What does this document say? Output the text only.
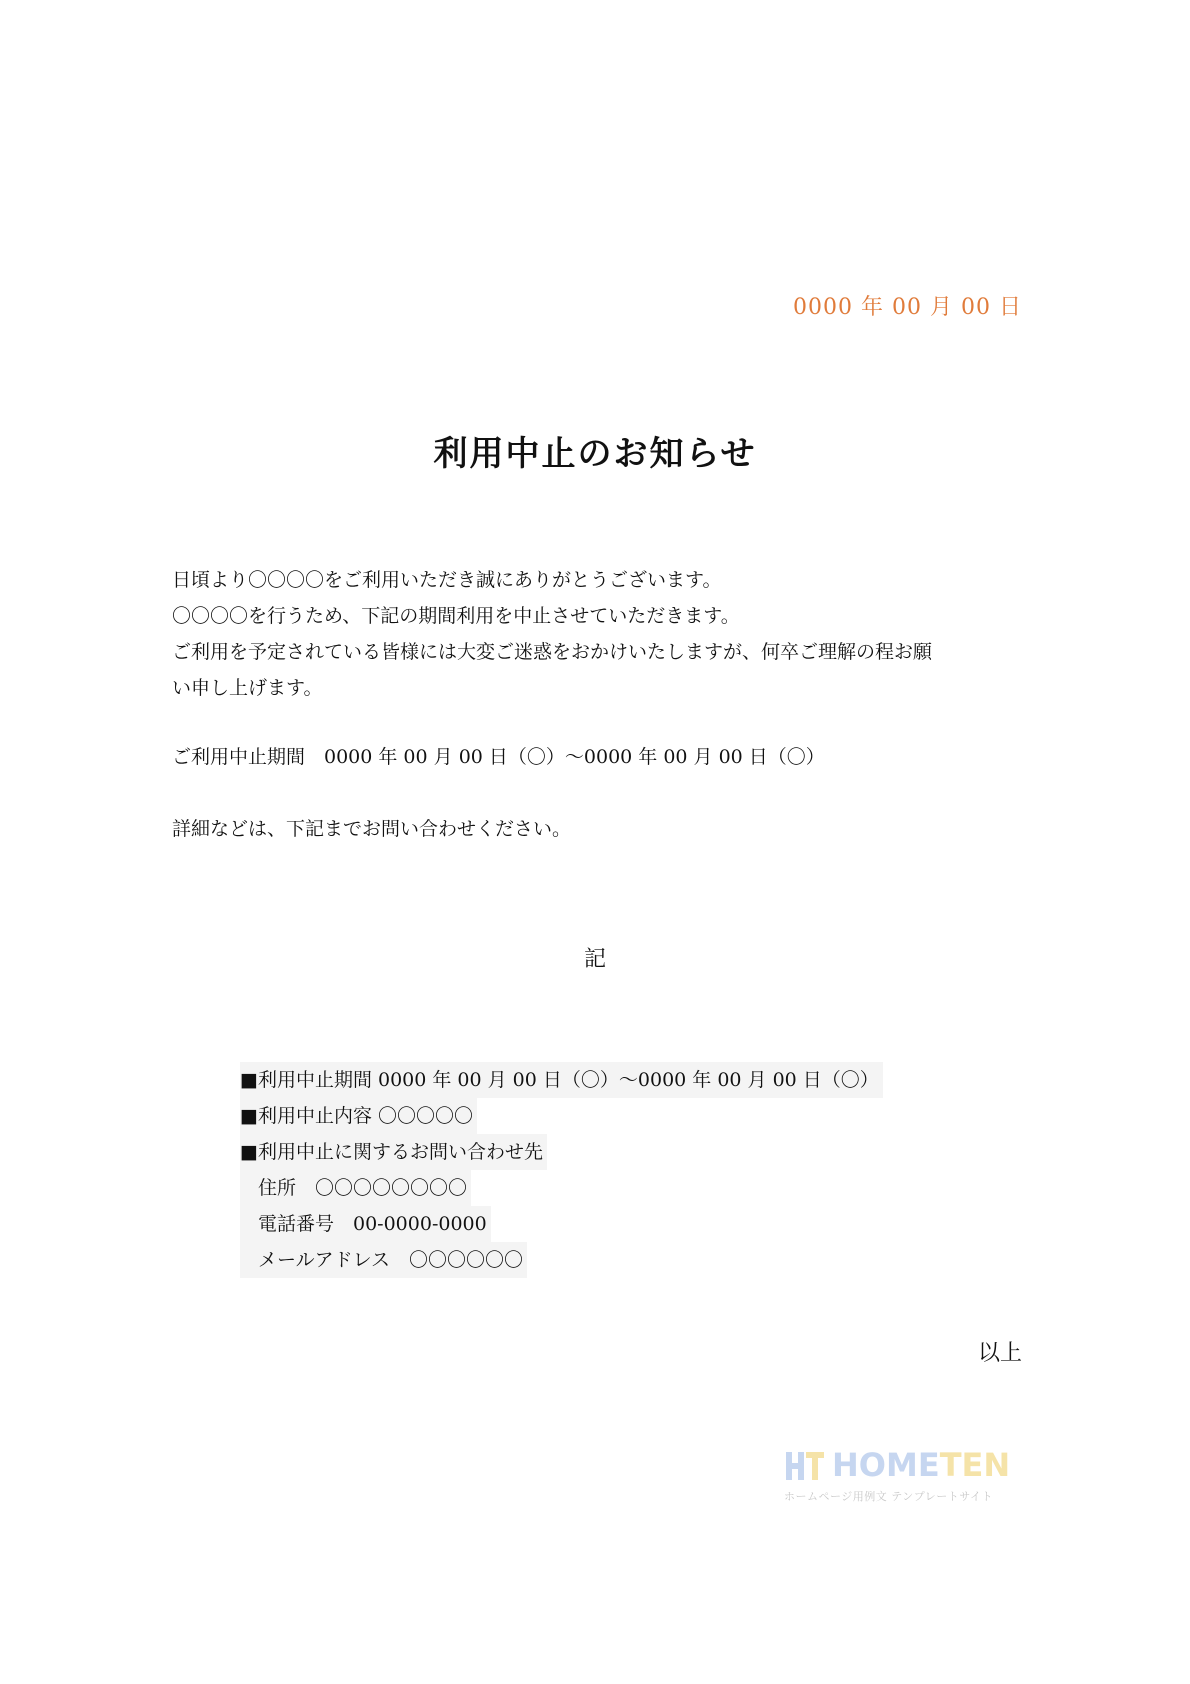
0000 年 00 月 00 日
利用中止のお知らせ
日頃より〇〇〇〇をご利用いただき誠にありがとうございます。
〇〇〇〇を行うため、下記の期間利用を中止させていただきます。
ご利用を予定されている皆様には大変ご迷惑をおかけいたしますが、何卒ご理解の程お願
い申し上げます。
ご利用中止期間　0000 年 00 月 00 日（〇）～0000 年 00 月 00 日（〇）
詳細などは、下記までお問い合わせください。
記
■利用中止期間 0000 年 00 月 00 日（〇）～0000 年 00 月 00 日（〇）
■利用中止内容 〇〇〇〇〇
■利用中止に関するお問い合わせ先
住所　〇〇〇〇〇〇〇〇
電話番号　00-0000-0000
メールアドレス　〇〇〇〇〇〇
以上
HOMETEN
ホームページ用例文 テンプレートサイト
